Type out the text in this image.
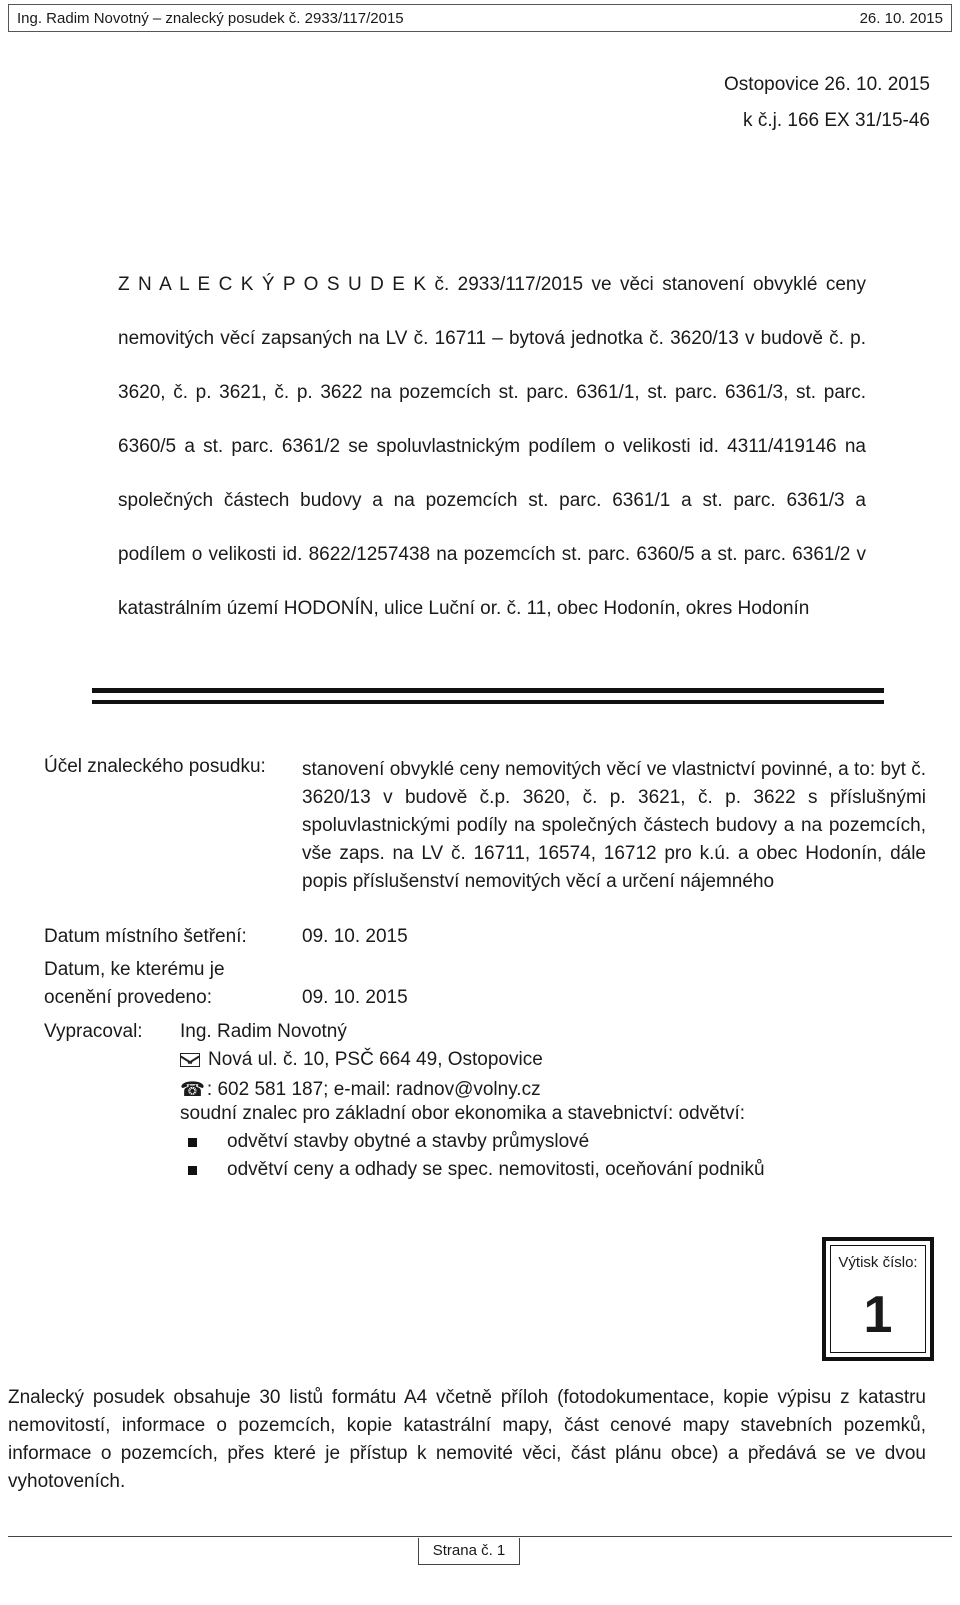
Ing. Radim Novotný – znalecký posudek č. 2933/117/2015	26. 10. 2015
Ostopovice 26. 10. 2015
k č.j. 166 EX 31/15-46

Z N A L E C K Ý P O S U D E K č. 2933/117/2015 ve věci stanovení obvyklé ceny nemovitých věcí zapsaných na LV č. 16711 – bytová jednotka č. 3620/13 v budově č. p. 3620, č. p. 3621, č. p. 3622 na pozemcích st. parc. 6361/1, st. parc. 6361/3, st. parc. 6360/5 a st. parc. 6361/2 se spoluvlastnickým podílem o velikosti id. 4311/419146 na společných částech budovy a na pozemcích st. parc. 6361/1 a st. parc. 6361/3 a podílem o velikosti id. 8622/1257438 na pozemcích st. parc. 6360/5 a st. parc. 6361/2 v katastrálním území HODONÍN, ulice Luční or. č. 11, obec Hodonín, okres Hodonín

Účel znaleckého posudku: stanovení obvyklé ceny nemovitých věcí ve vlastnictví povinné, a to: byt č. 3620/13 v budově č.p. 3620, č. p. 3621, č. p. 3622 s příslušnými spoluvlastnickými podíly na společných částech budovy a na pozemcích, vše zaps. na LV č. 16711, 16574, 16712 pro k.ú. a obec Hodonín, dále popis příslušenství nemovitých věcí a určení nájemného

Datum místního šetření:	09. 10. 2015
Datum, ke kterému je
ocenění provedeno:	09. 10. 2015
Vypracoval: Ing. Radim Novotný
Nová ul. č. 10, PSČ 664 49, Ostopovice
☎ : 602 581 187; e-mail: radnov@volny.cz
soudní znalec pro základní obor ekonomika a stavebnictví: odvětví:
odvětví stavby obytné a stavby průmyslové
odvětví ceny a odhady se spec. nemovitosti, oceňování podniků
Výtisk číslo:
1

Znalecký posudek obsahuje 30 listů formátu A4 včetně příloh (fotodokumentace, kopie výpisu z katastru nemovitostí, informace o pozemcích, kopie katastrální mapy, část cenové mapy stavebních pozemků, informace o pozemcích, přes které je přístup k nemovité věci, část plánu obce) a předává se ve dvou vyhotoveních.

Strana č. 1
